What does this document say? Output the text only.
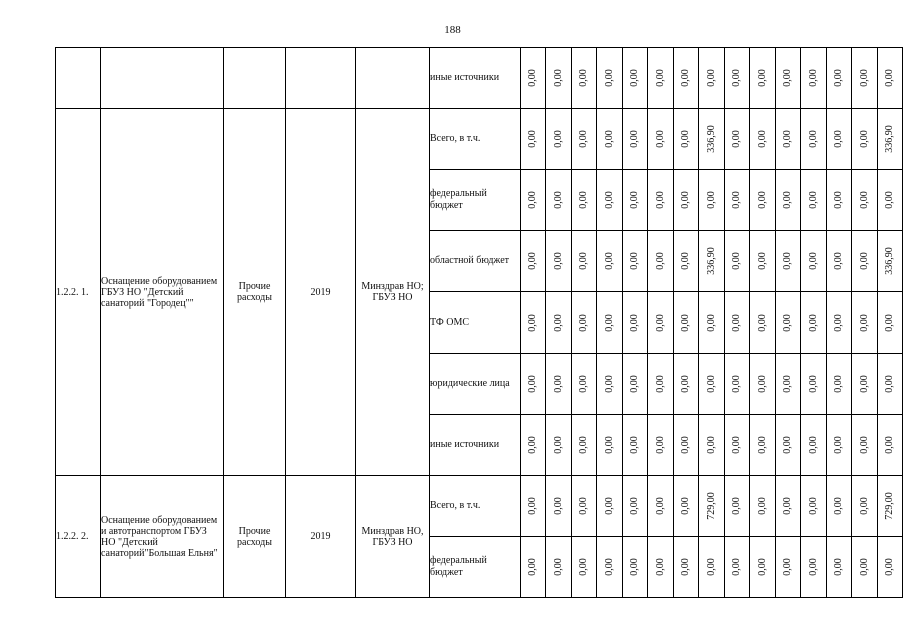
188
					иные источники	0,00	0,00	0,00	0,00	0,00	0,00	0,00	0,00	0,00	0,00	0,00	0,00	0,00	0,00	0,00

1.2.2. 1.	Оснащение оборудованием ГБУЗ НО "Детский санаторий "Городец""	Прочие расходы	2019	Минздрав НО; ГБУЗ НО	Всего, в т.ч.	0,00	0,00	0,00	0,00	0,00	0,00	0,00	336,90	0,00	0,00	0,00	0,00	0,00	0,00	336,90

					федеральный бюджет	0,00	0,00	0,00	0,00	0,00	0,00	0,00	0,00	0,00	0,00	0,00	0,00	0,00	0,00	0,00

					областной бюджет	0,00	0,00	0,00	0,00	0,00	0,00	0,00	336,90	0,00	0,00	0,00	0,00	0,00	0,00	336,90

					ТФ ОМС	0,00	0,00	0,00	0,00	0,00	0,00	0,00	0,00	0,00	0,00	0,00	0,00	0,00	0,00	0,00

					юридические лица	0,00	0,00	0,00	0,00	0,00	0,00	0,00	0,00	0,00	0,00	0,00	0,00	0,00	0,00	0,00

					иные источники	0,00	0,00	0,00	0,00	0,00	0,00	0,00	0,00	0,00	0,00	0,00	0,00	0,00	0,00	0,00

1.2.2. 2.	Оснащение оборудованием и автотранспортом ГБУЗ НО "Детский санаторий"Большая Ельня"	Прочие расходы	2019	Минздрав НО, ГБУЗ НО	Всего, в т.ч.	0,00	0,00	0,00	0,00	0,00	0,00	0,00	729,00	0,00	0,00	0,00	0,00	0,00	0,00	729,00

					федеральный бюджет	0,00	0,00	0,00	0,00	0,00	0,00	0,00	0,00	0,00	0,00	0,00	0,00	0,00	0,00	0,00
